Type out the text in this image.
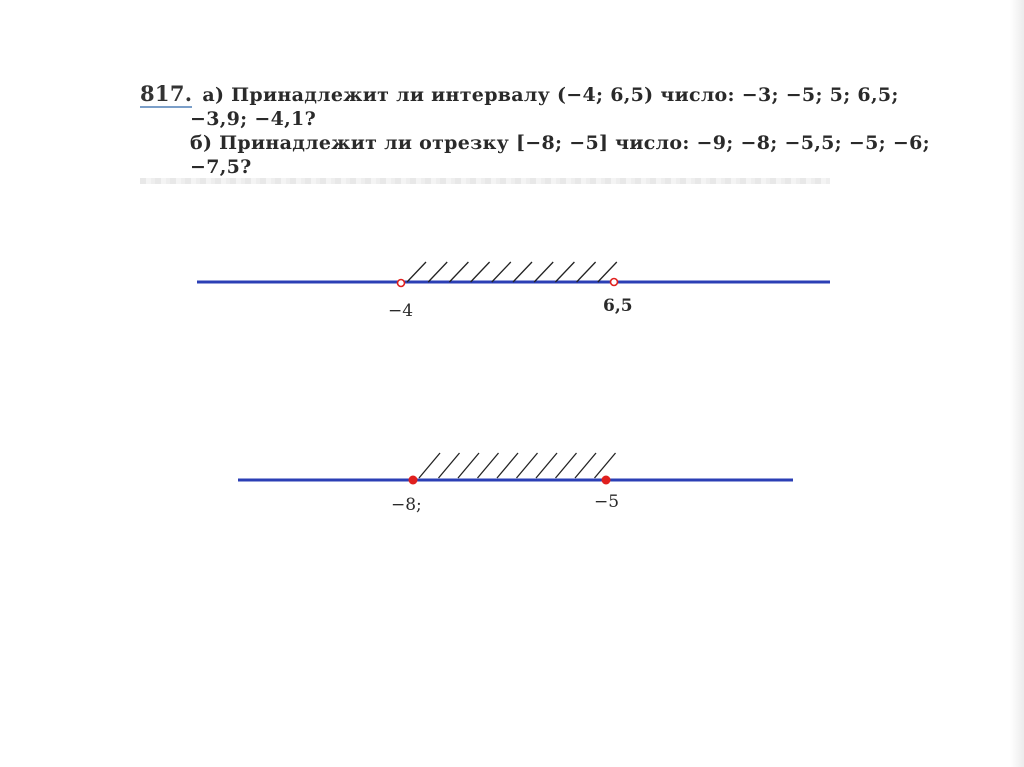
817. а) Принадлежит ли интервалу (−4; 6,5) число: −3; −5; 5; 6,5;
−3,9; −4,1?
б) Принадлежит ли отрезку [−8; −5] число: −9; −8; −5,5; −5; −6;
−7,5?
−4	6,5
−8;	−5
